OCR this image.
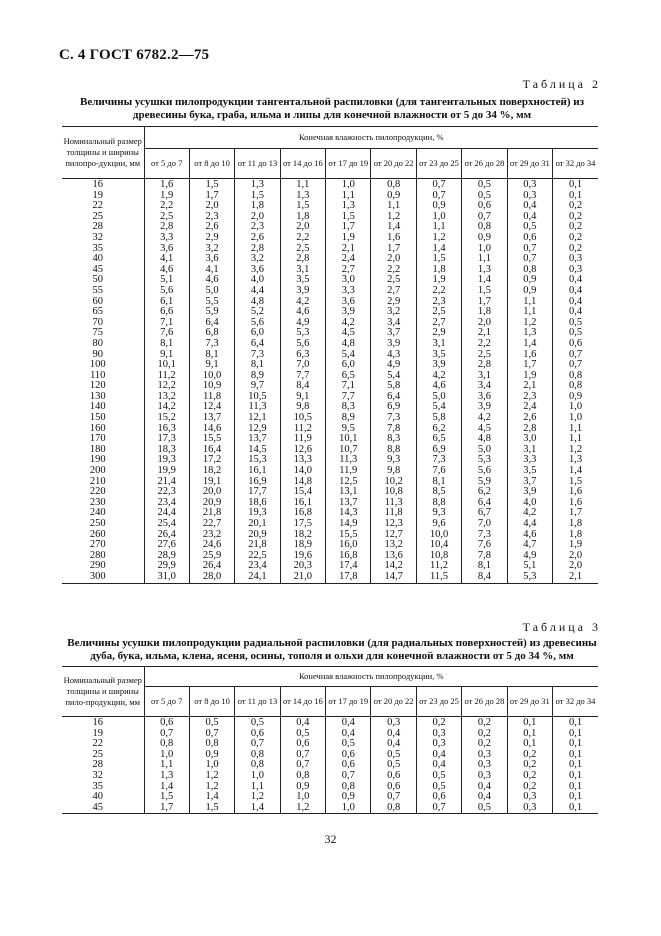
С. 4 ГОСТ 6782.2—75
Таблица 2
Величины усушки пилопродукции тангентальной распиловки (для тангентальных поверхностей) из древесины бука, граба, ильма и липы для конечной влажности от 5 до 34 %, мм
Номинальный размер толщины и ширины пилопро-дукции, мм	Конечная влажность пилопродукции, %									
	от 5 до 7	от 8 до 10	от 11 до 13	от 14 до 16	от 17 до 19	от 20 до 22	от 23 до 25	от 26 до 28	от 29 до 31	от 32 до 34
16	1,6	1,5	1,3	1,1	1,0	0,8	0,7	0,5	0,3	0,1
19	1,9	1,7	1,5	1,3	1,1	0,9	0,7	0,5	0,3	0,1
22	2,2	2,0	1,8	1,5	1,3	1,1	0,9	0,6	0,4	0,2
25	2,5	2,3	2,0	1,8	1,5	1,2	1,0	0,7	0,4	0,2
28	2,8	2,6	2,3	2,0	1,7	1,4	1,1	0,8	0,5	0,2
32	3,3	2,9	2,6	2,2	1,9	1,6	1,2	0,9	0,6	0,2
35	3,6	3,2	2,8	2,5	2,1	1,7	1,4	1,0	0,7	0,2
40	4,1	3,6	3,2	2,8	2,4	2,0	1,5	1,1	0,7	0,3
45	4,6	4,1	3,6	3,1	2,7	2,2	1,8	1,3	0,8	0,3
50	5,1	4,6	4,0	3,5	3,0	2,5	1,9	1,4	0,9	0,4
55	5,6	5,0	4,4	3,9	3,3	2,7	2,2	1,5	0,9	0,4
60	6,1	5,5	4,8	4,2	3,6	2,9	2,3	1,7	1,1	0,4
65	6,6	5,9	5,2	4,6	3,9	3,2	2,5	1,8	1,1	0,4
70	7,1	6,4	5,6	4,9	4,2	3,4	2,7	2,0	1,2	0,5
75	7,6	6,8	6,0	5,3	4,5	3,7	2,9	2,1	1,3	0,5
80	8,1	7,3	6,4	5,6	4,8	3,9	3,1	2,2	1,4	0,6
90	9,1	8,1	7,3	6,3	5,4	4,3	3,5	2,5	1,6	0,7
100	10,1	9,1	8,1	7,0	6,0	4,9	3,9	2,8	1,7	0,7
110	11,2	10,0	8,9	7,7	6,5	5,4	4,2	3,1	1,9	0,8
120	12,2	10,9	9,7	8,4	7,1	5,8	4,6	3,4	2,1	0,8
130	13,2	11,8	10,5	9,1	7,7	6,4	5,0	3,6	2,3	0,9
140	14,2	12,4	11,3	9,8	8,3	6,9	5,4	3,9	2,4	1,0
150	15,2	13,7	12,1	10,5	8,9	7,3	5,8	4,2	2,6	1,0
160	16,3	14,6	12,9	11,2	9,5	7,8	6,2	4,5	2,8	1,1
170	17,3	15,5	13,7	11,9	10,1	8,3	6,5	4,8	3,0	1,1
180	18,3	16,4	14,5	12,6	10,7	8,8	6,9	5,0	3,1	1,2
190	19,3	17,2	15,3	13,3	11,3	9,3	7,3	5,3	3,3	1,3
200	19,9	18,2	16,1	14,0	11,9	9,8	7,6	5,6	3,5	1,4
210	21,4	19,1	16,9	14,8	12,5	10,2	8,1	5,9	3,7	1,5
220	22,3	20,0	17,7	15,4	13,1	10,8	8,5	6,2	3,9	1,6
230	23,4	20,9	18,6	16,1	13,7	11,3	8,8	6,4	4,0	1,6
240	24,4	21,8	19,3	16,8	14,3	11,8	9,3	6,7	4,2	1,7
250	25,4	22,7	20,1	17,5	14,9	12,3	9,6	7,0	4,4	1,8
260	26,4	23,2	20,9	18,2	15,5	12,7	10,0	7,3	4,6	1,8
270	27,6	24,6	21,8	18,9	16,0	13,2	10,4	7,6	4,7	1,9
280	28,9	25,9	22,5	19,6	16,8	13,6	10,8	7,8	4,9	2,0
290	29,9	26,4	23,4	20,3	17,4	14,2	11,2	8,1	5,1	2,0
300	31,0	28,0	24,1	21,0	17,8	14,7	11,5	8,4	5,3	2,1
Таблица 3
Величины усушки пилопродукции радиальной распиловки (для радиальных поверхностей) из древесины дуба, бука, ильма, клена, ясеня, осины, тополя и ольхи для конечной влажности от 5 до 34 %, мм
Номинальный размер толщины и ширины пило-продукции, мм	Конечная влажность пилопродукции, %									
	от 5 до 7	от 8 до 10	от 11 до 13	от 14 до 16	от 17 до 19	от 20 до 22	от 23 до 25	от 26 до 28	от 29 до 31	от 32 до 34
16	0,6	0,5	0,5	0,4	0,4	0,3	0,2	0,2	0,1	0,1
19	0,7	0,7	0,6	0,5	0,4	0,4	0,3	0,2	0,1	0,1
22	0,8	0,8	0,7	0,6	0,5	0,4	0,3	0,2	0,1	0,1
25	1,0	0,9	0,8	0,7	0,6	0,5	0,4	0,3	0,2	0,1
28	1,1	1,0	0,8	0,7	0,6	0,5	0,4	0,3	0,2	0,1
32	1,3	1,2	1,0	0,8	0,7	0,6	0,5	0,3	0,2	0,1
35	1,4	1,2	1,1	0,9	0,8	0,6	0,5	0,4	0,2	0,1
40	1,5	1,4	1,2	1,0	0,9	0,7	0,6	0,4	0,3	0,1
45	1,7	1,5	1,4	1,2	1,0	0,8	0,7	0,5	0,3	0,1
32
